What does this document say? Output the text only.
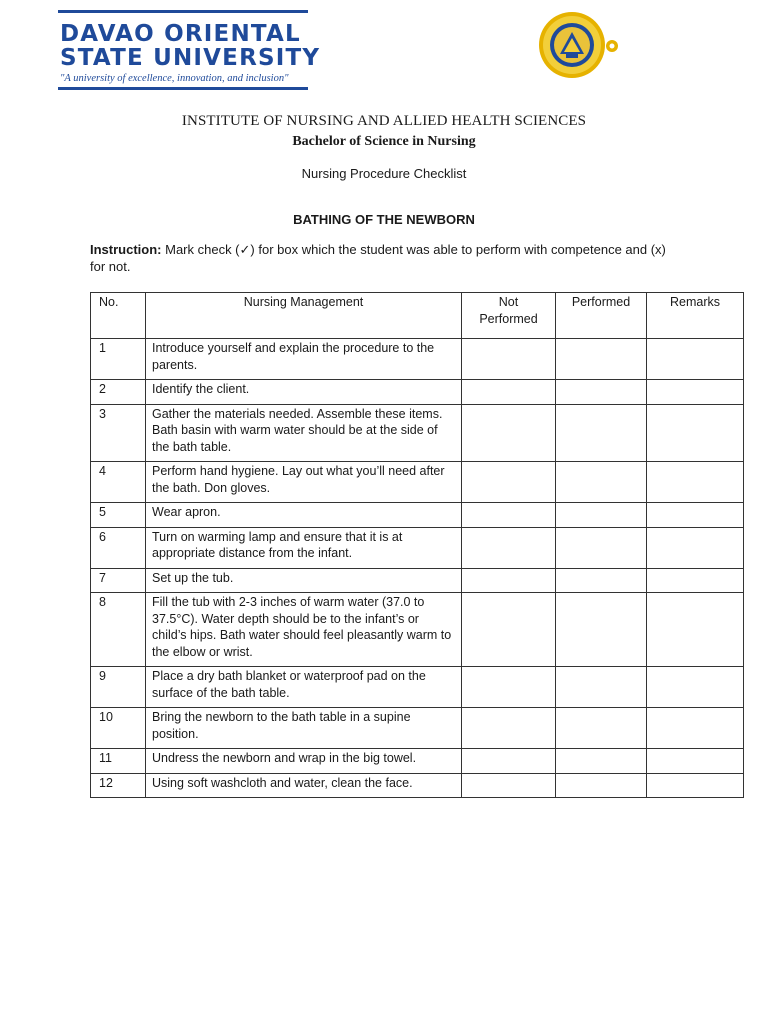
DAVAO ORIENTAL
STATE UNIVERSITY
"A university of excellence, innovation, and inclusion"
INSTITUTE OF NURSING AND ALLIED HEALTH SCIENCES
Bachelor of Science in Nursing
Nursing Procedure Checklist
BATHING OF THE NEWBORN
Instruction: Mark check (✓) for box which the student was able to perform with competence and (x) for not.
No.	Nursing Management	Not Performed	Performed	Remarks
1	Introduce yourself and explain the procedure to the parents.			
2	Identify the client.			
3	Gather the materials needed. Assemble these items. Bath basin with warm water should be at the side of the bath table.			
4	Perform hand hygiene. Lay out what you’ll need after the bath. Don gloves.			
5	Wear apron.			
6	Turn on warming lamp and ensure that it is at appropriate distance from the infant.			
7	Set up the tub.			
8	Fill the tub with 2-3 inches of warm water (37.0 to 37.5°C). Water depth should be to the infant’s or child’s hips. Bath water should feel pleasantly warm to the elbow or wrist.			
9	Place a dry bath blanket or waterproof pad on the surface of the bath table.			
10	Bring the newborn to the bath table in a supine position.			
11	Undress the newborn and wrap in the big towel.			
12	Using soft washcloth and water, clean the face.			
